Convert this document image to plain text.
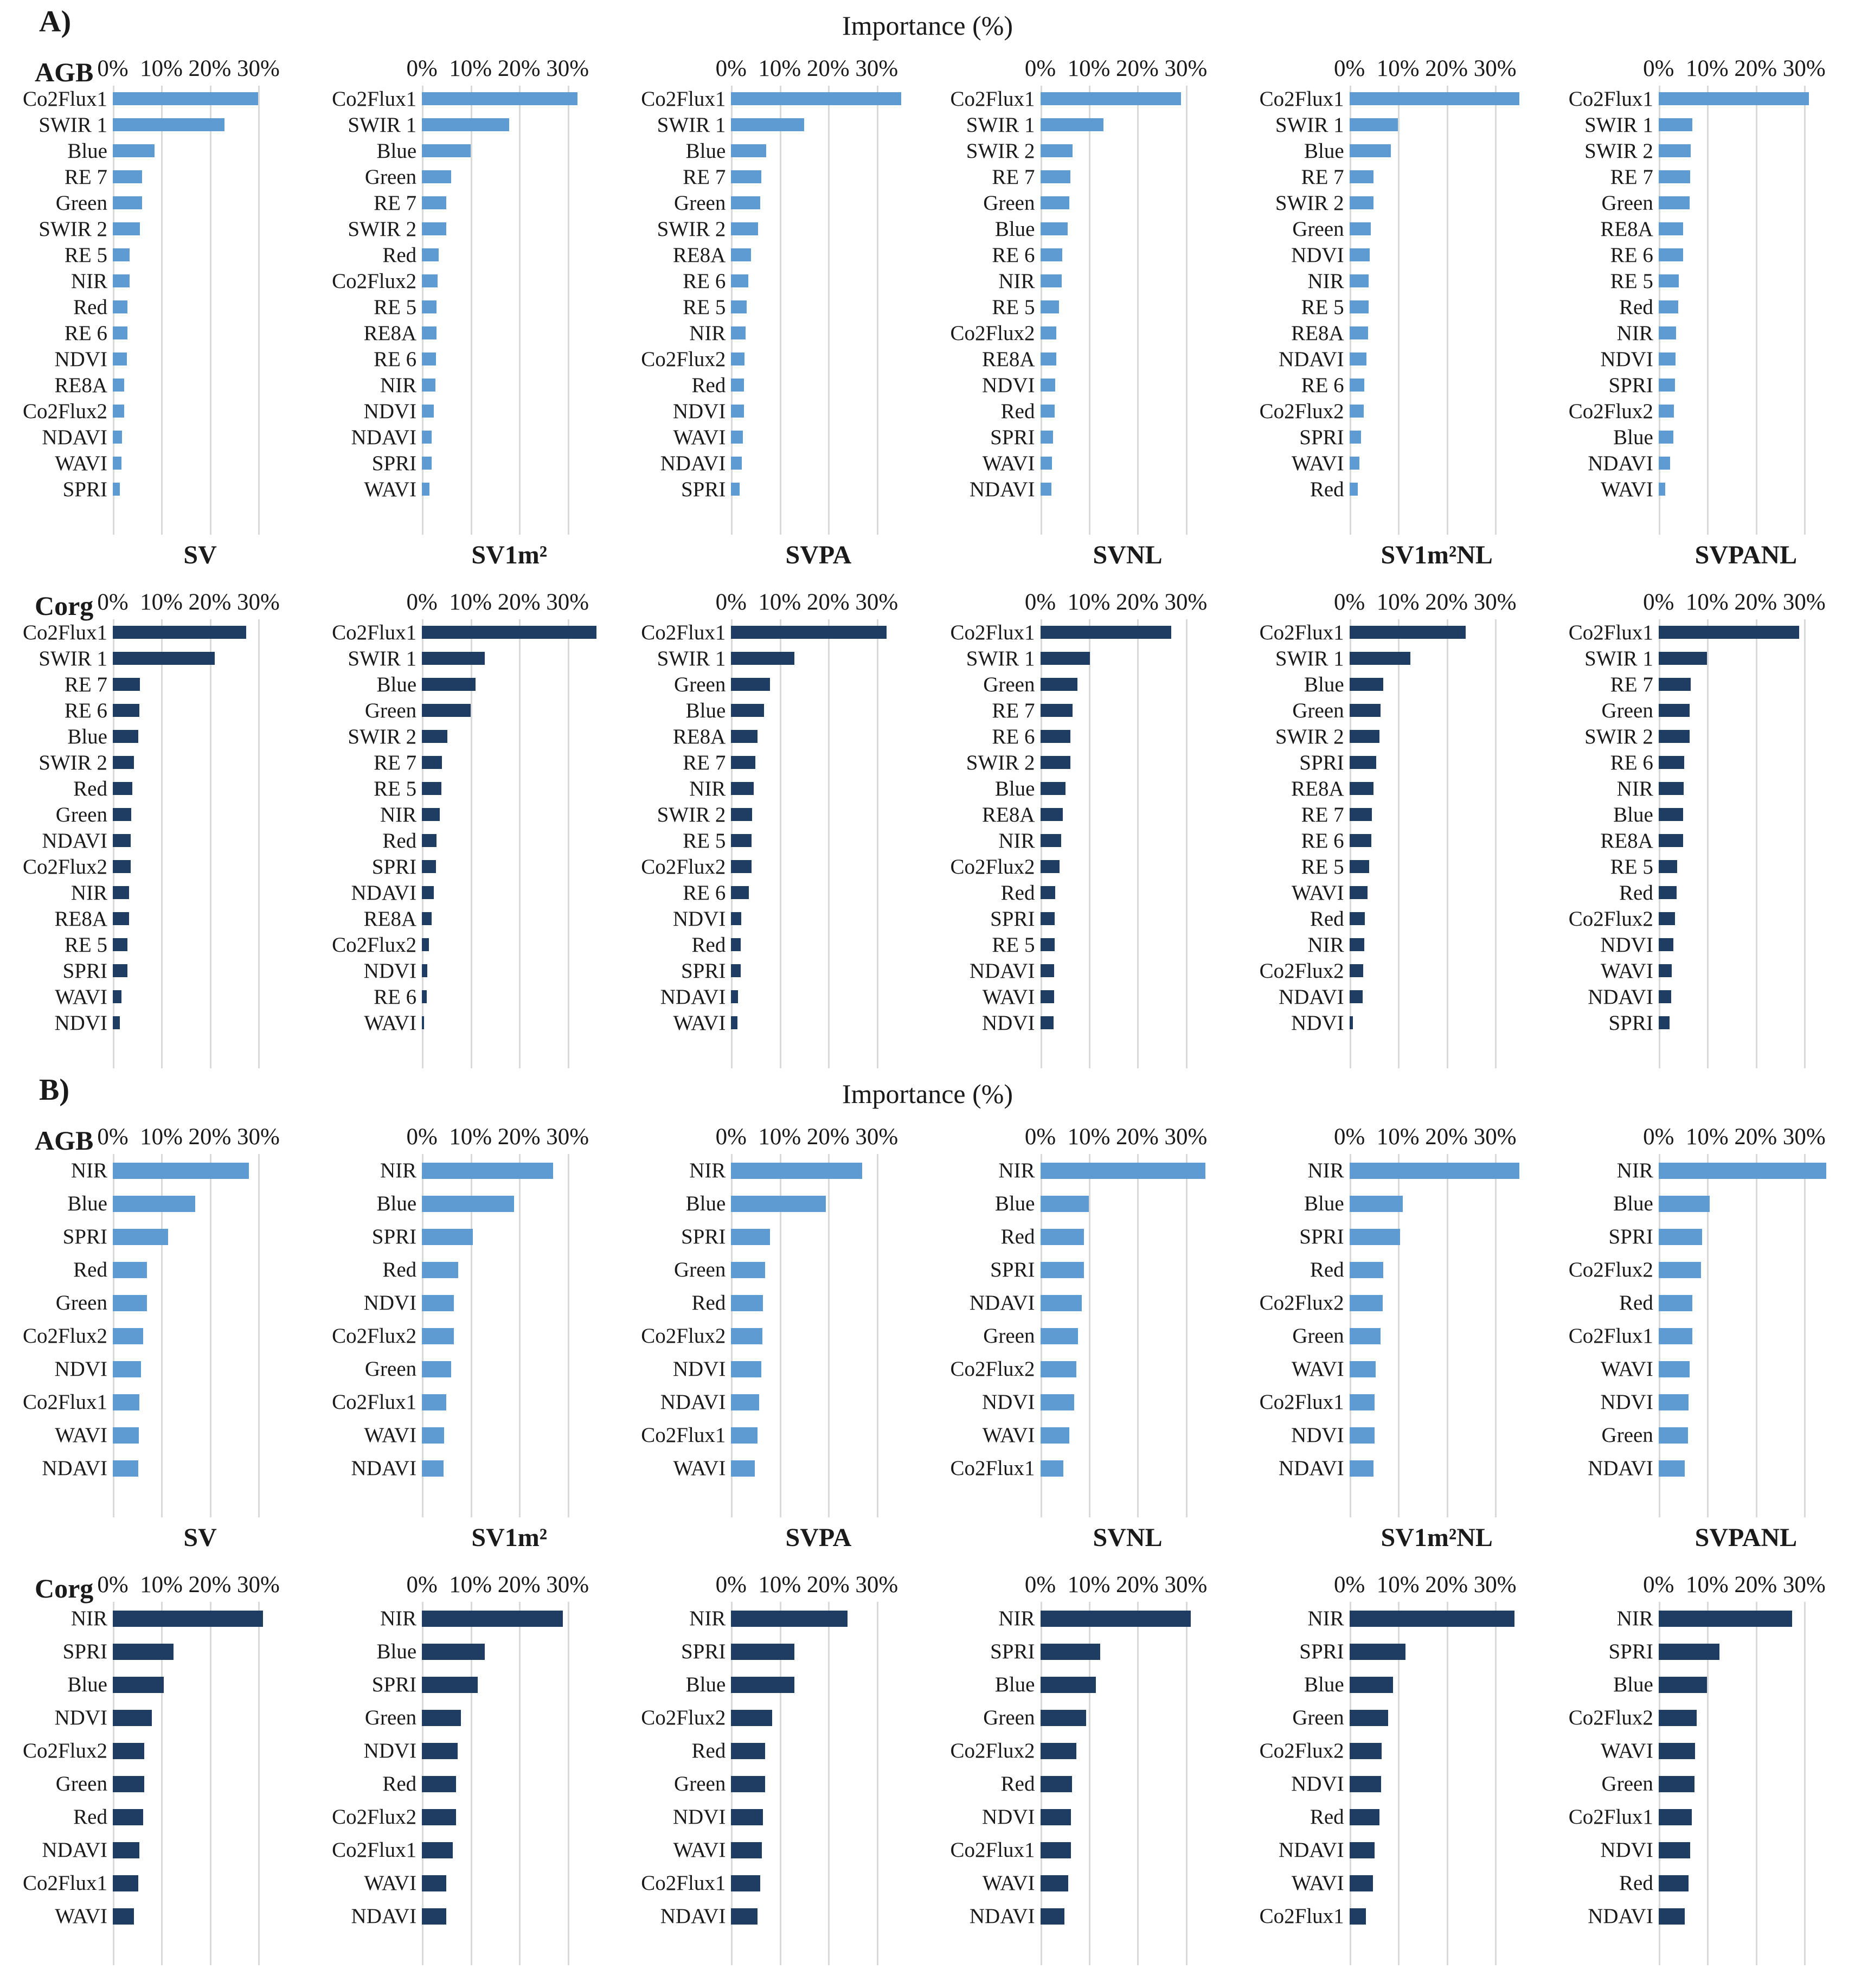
A)	Importance (%)
AGB 0% 10% 20% 30%
Co2Flux1
SWIR 1
Blue
RE 7
Green
SWIR 2
RE 5
NIR
Red
RE 6
NDVI
RE8A
Co2Flux2
NDAVI
WAVI
SPRI
0% 10% 20% 30%
Co2Flux1
SWIR 1
Blue
Green
RE 7
SWIR 2
Red
Co2Flux2
RE 5
RE8A
RE 6
NIR
NDVI
NDAVI
SPRI
WAVI
0% 10% 20% 30%
Co2Flux1
SWIR 1
Blue
RE 7
Green
SWIR 2
RE8A
RE 6
RE 5
NIR
Co2Flux2
Red
NDVI
WAVI
NDAVI
SPRI
0% 10% 20% 30%
Co2Flux1
SWIR 1
SWIR 2
RE 7
Green
Blue
RE 6
NIR
RE 5
Co2Flux2
RE8A
NDVI
Red
SPRI
WAVI
NDAVI
0% 10% 20% 30%
Co2Flux1
SWIR 1
Blue
RE 7
SWIR 2
Green
NDVI
NIR
RE 5
RE8A
NDAVI
RE 6
Co2Flux2
SPRI
WAVI
Red
0% 10% 20% 30%
Co2Flux1
SWIR 1
SWIR 2
RE 7
Green
RE8A
RE 6
RE 5
Red
NIR
NDVI
SPRI
Co2Flux2
Blue
NDAVI
WAVI
SV	SV1m²	SVPA	SVNL	SV1m²NL	SVPANL
Corg 0% 10% 20% 30%
Co2Flux1
SWIR 1
RE 7
RE 6
Blue
SWIR 2
Red
Green
NDAVI
Co2Flux2
NIR
RE8A
RE 5
SPRI
WAVI
NDVI
0% 10% 20% 30%
Co2Flux1
SWIR 1
Blue
Green
SWIR 2
RE 7
RE 5
NIR
Red
SPRI
NDAVI
RE8A
Co2Flux2
NDVI
RE 6
WAVI
0% 10% 20% 30%
Co2Flux1
SWIR 1
Green
Blue
RE8A
RE 7
NIR
SWIR 2
RE 5
Co2Flux2
RE 6
NDVI
Red
SPRI
NDAVI
WAVI
0% 10% 20% 30%
Co2Flux1
SWIR 1
Green
RE 7
RE 6
SWIR 2
Blue
RE8A
NIR
Co2Flux2
Red
SPRI
RE 5
NDAVI
WAVI
NDVI
0% 10% 20% 30%
Co2Flux1
SWIR 1
Blue
Green
SWIR 2
SPRI
RE8A
RE 7
RE 6
RE 5
WAVI
Red
NIR
Co2Flux2
NDAVI
NDVI
0% 10% 20% 30%
Co2Flux1
SWIR 1
RE 7
Green
SWIR 2
RE 6
NIR
Blue
RE8A
RE 5
Red
Co2Flux2
NDVI
WAVI
NDAVI
SPRI
B)	Importance (%)
AGB 0% 10% 20% 30%
NIR
Blue
SPRI
Red
Green
Co2Flux2
NDVI
Co2Flux1
WAVI
NDAVI
0% 10% 20% 30%
NIR
Blue
SPRI
Red
NDVI
Co2Flux2
Green
Co2Flux1
WAVI
NDAVI
0% 10% 20% 30%
NIR
Blue
SPRI
Green
Red
Co2Flux2
NDVI
NDAVI
Co2Flux1
WAVI
0% 10% 20% 30%
NIR
Blue
Red
SPRI
NDAVI
Green
Co2Flux2
NDVI
WAVI
Co2Flux1
0% 10% 20% 30%
NIR
Blue
SPRI
Red
Co2Flux2
Green
WAVI
Co2Flux1
NDVI
NDAVI
0% 10% 20% 30%
NIR
Blue
SPRI
Co2Flux2
Red
Co2Flux1
WAVI
NDVI
Green
NDAVI
SV	SV1m²	SVPA	SVNL	SV1m²NL	SVPANL
Corg 0% 10% 20% 30%
NIR
SPRI
Blue
NDVI
Co2Flux2
Green
Red
NDAVI
Co2Flux1
WAVI
0% 10% 20% 30%
NIR
Blue
SPRI
Green
NDVI
Red
Co2Flux2
Co2Flux1
WAVI
NDAVI
0% 10% 20% 30%
NIR
SPRI
Blue
Co2Flux2
Red
Green
NDVI
WAVI
Co2Flux1
NDAVI
0% 10% 20% 30%
NIR
SPRI
Blue
Green
Co2Flux2
Red
NDVI
Co2Flux1
WAVI
NDAVI
0% 10% 20% 30%
NIR
SPRI
Blue
Green
Co2Flux2
NDVI
Red
NDAVI
WAVI
Co2Flux1
0% 10% 20% 30%
NIR
SPRI
Blue
Co2Flux2
WAVI
Green
Co2Flux1
NDVI
Red
NDAVI
